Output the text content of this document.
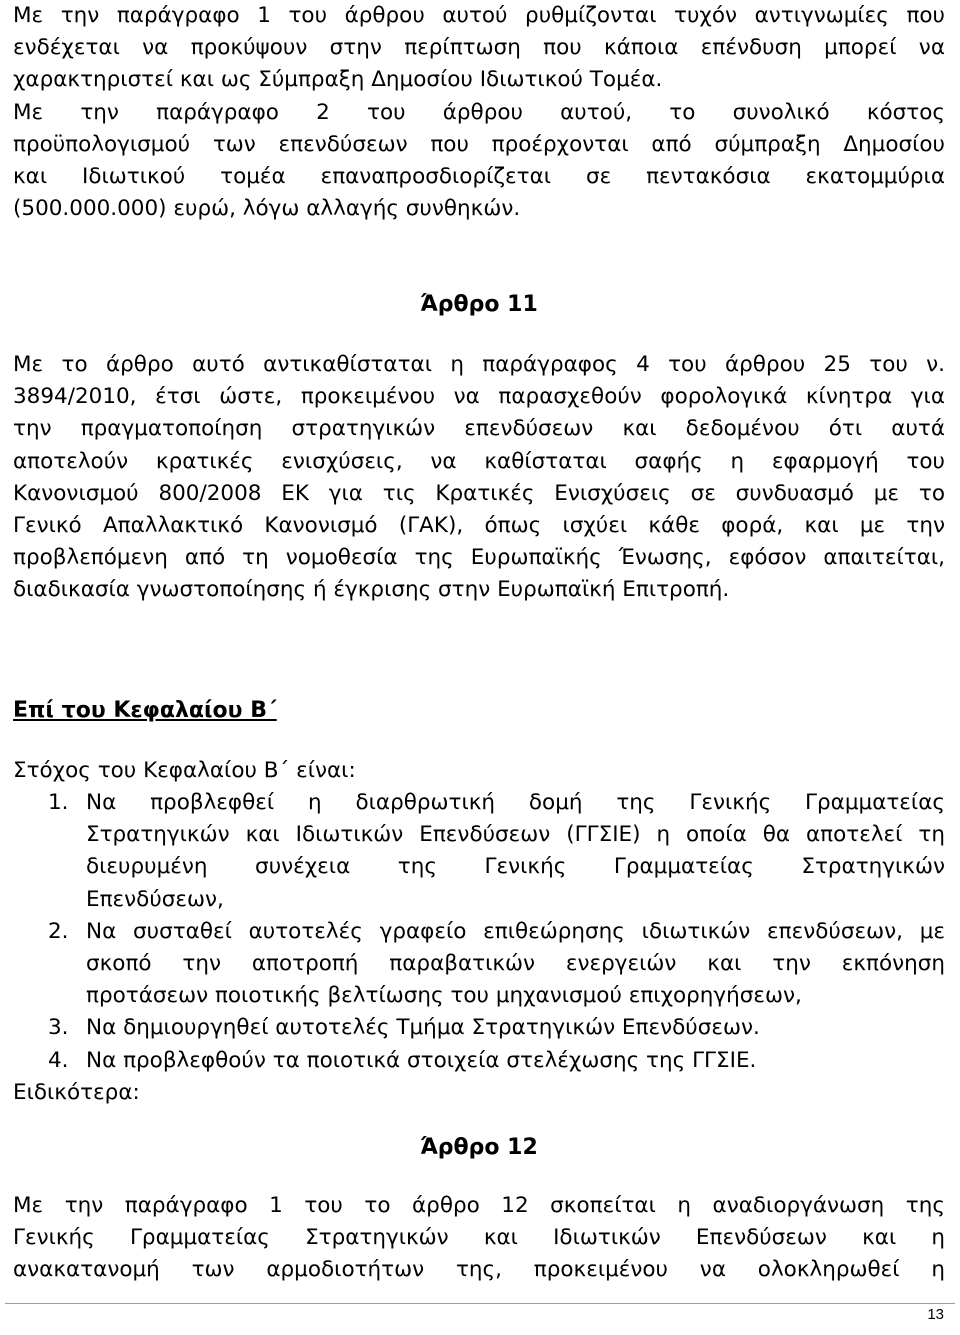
Με την παράγραφο 1 του άρθρου αυτού ρυθμίζονται τυχόν αντιγνωμίες που
ενδέχεται να προκύψουν στην περίπτωση που κάποια επένδυση μπορεί να
χαρακτηριστεί και ως Σύμπραξη Δημοσίου Ιδιωτικού Τομέα.
Με την παράγραφο 2 του άρθρου αυτού, το συνολικό κόστος
προϋπολογισμού των επενδύσεων που προέρχονται από σύμπραξη Δημοσίου
και Ιδιωτικού τομέα επαναπροσδιορίζεται σε πεντακόσια εκατομμύρια
(500.000.000) ευρώ, λόγω αλλαγής συνθηκών.
Άρθρο 11
Με το άρθρο αυτό αντικαθίσταται η παράγραφος 4 του άρθρου 25 του ν.
3894/2010, έτσι ώστε, προκειμένου να παρασχεθούν φορολογικά κίνητρα για
την πραγματοποίηση στρατηγικών επενδύσεων και δεδομένου ότι αυτά
αποτελούν κρατικές ενισχύσεις, να καθίσταται σαφής η εφαρμογή του
Κανονισμού 800/2008 ΕΚ για τις Κρατικές Ενισχύσεις σε συνδυασμό με το
Γενικό Απαλλακτικό Κανονισμό (ΓΑΚ), όπως ισχύει κάθε φορά, και με την
προβλεπόμενη από τη νομοθεσία της Ευρωπαϊκής Ένωσης, εφόσον απαιτείται,
διαδικασία γνωστοποίησης ή έγκρισης στην Ευρωπαϊκή Επιτροπή.
Επί του Κεφαλαίου Β΄
Στόχος του Κεφαλαίου Β΄ είναι:
1. Να προβλεφθεί η διαρθρωτική δομή της Γενικής Γραμματείας
Στρατηγικών και Ιδιωτικών Επενδύσεων (ΓΓΣΙΕ) η οποία θα αποτελεί τη
διευρυμένη συνέχεια της Γενικής Γραμματείας Στρατηγικών
Επενδύσεων,
2. Να συσταθεί αυτοτελές γραφείο επιθεώρησης ιδιωτικών επενδύσεων, με
σκοπό την αποτροπή παραβατικών ενεργειών και την εκπόνηση
προτάσεων ποιοτικής βελτίωσης του μηχανισμού επιχορηγήσεων,
3. Να δημιουργηθεί αυτοτελές Τμήμα Στρατηγικών Επενδύσεων.
4. Να προβλεφθούν τα ποιοτικά στοιχεία στελέχωσης της ΓΓΣΙΕ.
Ειδικότερα:
Άρθρο 12
Με την παράγραφο 1 του το άρθρο 12 σκοπείται η αναδιοργάνωση της
Γενικής Γραμματείας Στρατηγικών και Ιδιωτικών Επενδύσεων και η
ανακατανομή των αρμοδιοτήτων της, προκειμένου να ολοκληρωθεί η
13
